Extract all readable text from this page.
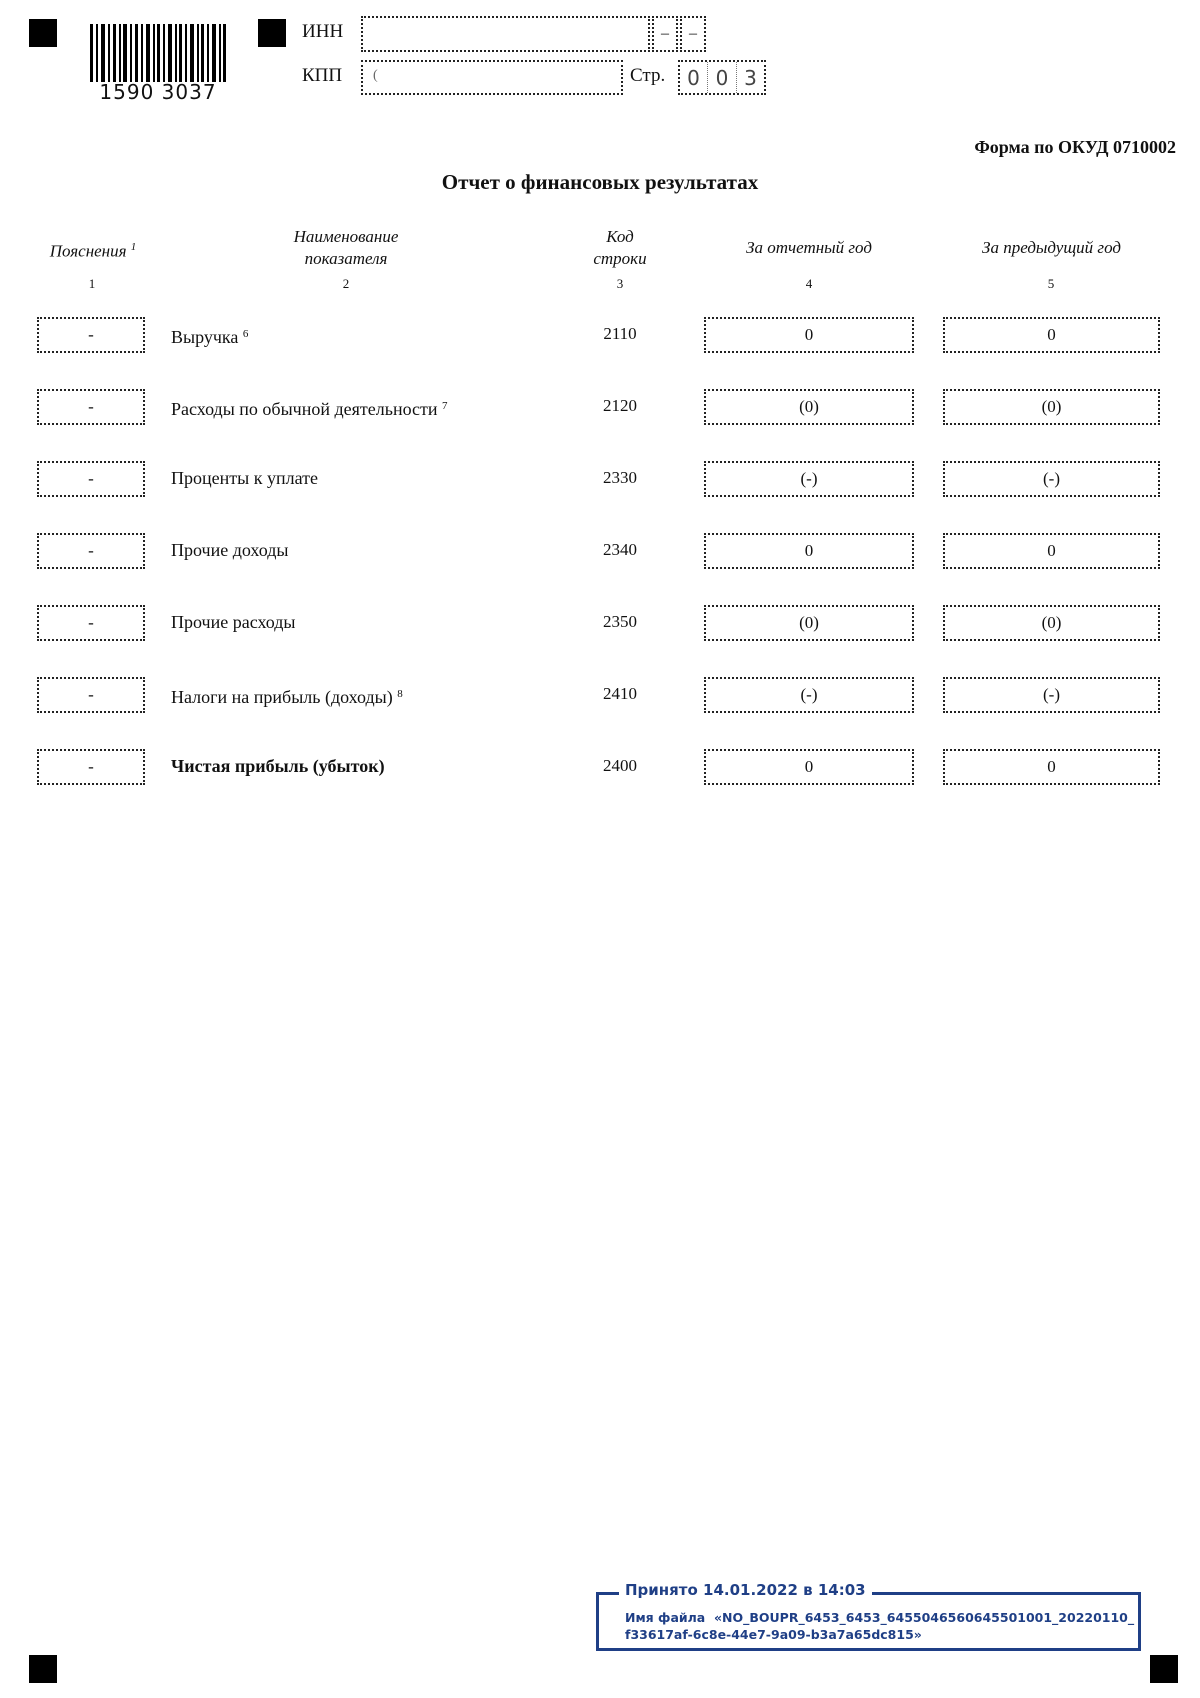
1590 3037
ИНН	– –
КПП (	Стр.	0 0 3
Форма по ОКУД 0710002
Отчет о финансовых результатах
Пояснения $^1$
Наименование
показателя
Код
строки
За отчетный год	За предыдущий год
1	2	3	4	5
-	Выручка $^6$	2110	0	0
-	Расходы по обычной деятельности $^7$	2120	(0)	(0)
-	Проценты к уплате	2330	(-)	(-)
-	Прочие доходы	2340	0	0
-	Прочие расходы	2350	(0)	(0)
-	Налоги на прибыль (доходы) $^8$	2410	(-)	(-)
-	Чистая прибыль (убыток)	2400	0	0
Принято 14.01.2022 в 14:03
Имя файла «NO_BOUPR_6453_6453_6455046560645501001_20220110_ f33617af-6c8e-44e7-9a09-b3a7a65dc815»
